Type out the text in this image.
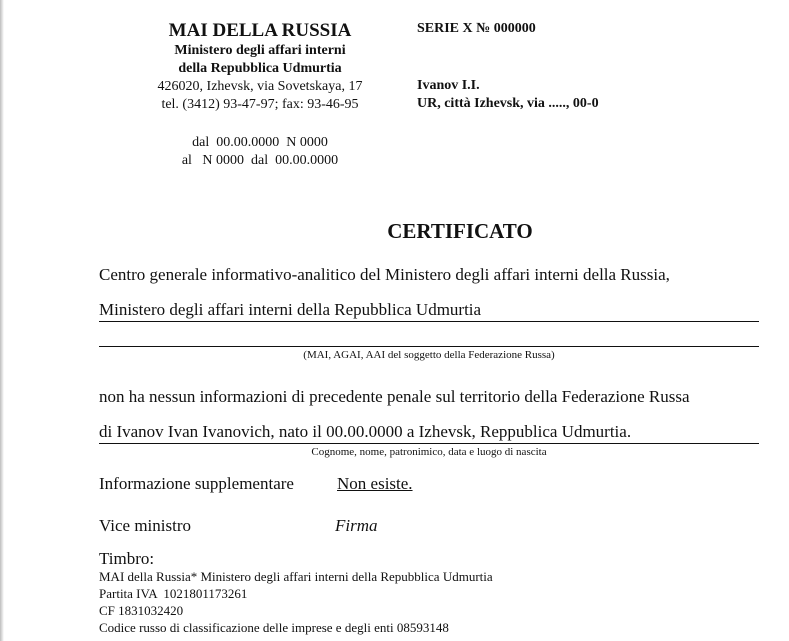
MAI DELLA RUSSIA
Ministero degli affari interni
della Repubblica Udmurtia
426020, Izhevsk, via Sovetskaya, 17
tel. (3412) 93-47-97; fax: 93-46-95
dal  00.00.0000  N 0000
al   N 0000  dal  00.00.0000
SERIE X № 000000
Ivanov I.I.
UR, città Izhevsk, via ....., 00-0
CERTIFICATO
Centro generale informativo-analitico del Ministero degli affari interni della Russia,
Ministero degli affari interni della Repubblica Udmurtia
(MAI, AGAI, AAI del soggetto della Federazione Russa)
non ha nessun informazioni di precedente penale sul territorio della Federazione Russa
di Ivanov Ivan Ivanovich, nato il 00.00.0000 a Izhevsk, Reppublica Udmurtia.
Cognome, nome, patronimico, data e luogo di nascita
Informazione supplementare	Non esiste.
Vice ministro	Firma
Timbro:
MAI della Russia* Ministero degli affari interni della Repubblica Udmurtia
Partita IVA  1021801173261
CF 1831032420
Codice russo di classificazione delle imprese e degli enti 08593148
